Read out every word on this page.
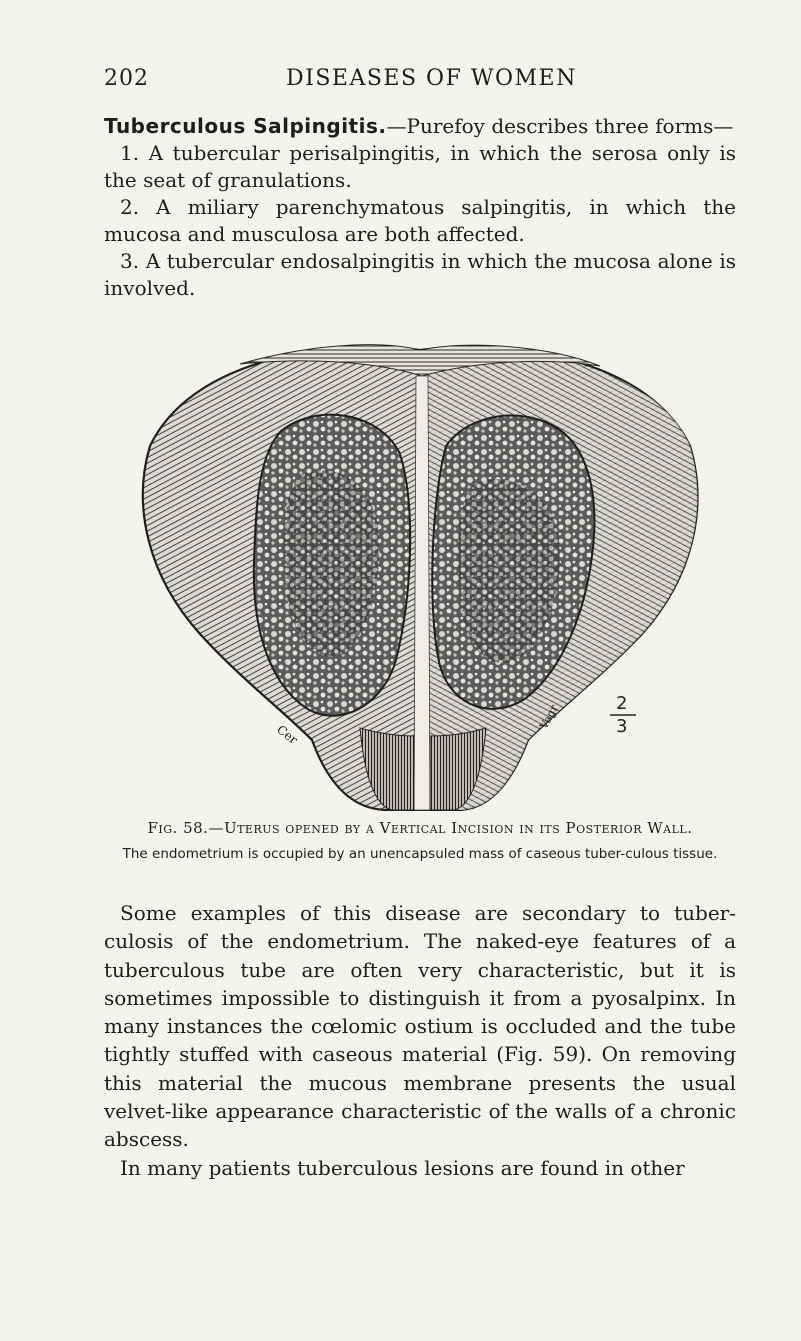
202	DISEASES OF WOMEN

Tuberculous Salpingitis.—Purefoy describes three forms—

1. A tubercular perisalpingitis, in which the serosa only is the seat of granulations.

2. A miliary parenchymatous salpingitis, in which the mucosa and musculosa are both affected.

3. A tubercular endosalpingitis in which the mucosa alone is involved.

Cer
2
3
Vagr
Fig. 58.—Uterus opened by a Vertical Incision in its Posterior Wall.
The endometrium is occupied by an unencapsuled mass of caseous tuber-culous tissue.

Some examples of this disease are secondary to tuber-culosis of the endometrium. The naked-eye features of a tuberculous tube are often very characteristic, but it is sometimes impossible to distinguish it from a pyosalpinx. In many instances the cœlomic ostium is occluded and the tube tightly stuffed with caseous material (Fig. 59). On removing this material the mucous membrane presents the usual velvet-like appearance characteristic of the walls of a chronic abscess.

In many patients tuberculous lesions are found in other
